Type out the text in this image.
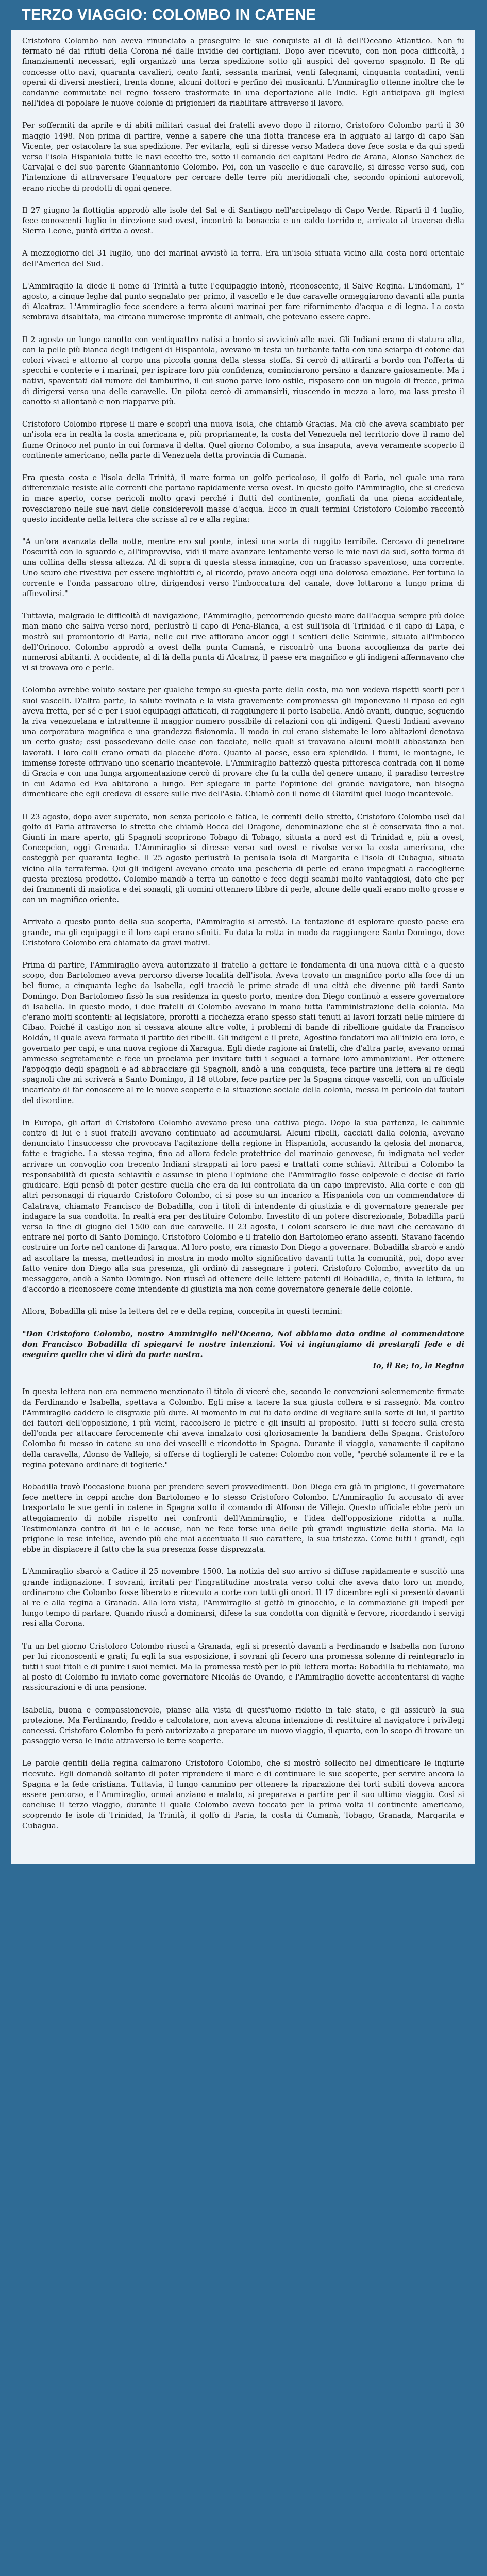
TERZO VIAGGIO: COLOMBO IN CATENE

Cristoforo Colombo non aveva rinunciato a proseguire le sue conquiste al di là dell'Oceano Atlantico. Non fu fermato né dai rifiuti della Corona né dalle invidie dei cortigiani. Dopo aver ricevuto, con non poca difficoltà, i finanziamenti necessari, egli organizzò una terza spedizione sotto gli auspici del governo spagnolo. Il Re gli concesse otto navi, quaranta cavalieri, cento fanti, sessanta marinai, venti falegnami, cinquanta contadini, venti operai di diversi mestieri, trenta donne, alcuni dottori e perfino dei musicanti. L'Ammiraglio ottenne inoltre che le condanne commutate nel regno fossero trasformate in una deportazione alle Indie. Egli anticipava gli inglesi nell'idea di popolare le nuove colonie di prigionieri da riabilitare attraverso il lavoro.

Per soffermiti da aprile e di abiti militari casual dei fratelli avevo dopo il ritorno, Cristoforo Colombo partì il 30 maggio 1498. Non prima di partire, venne a sapere che una flotta francese era in agguato al largo di capo San Vicente, per ostacolare la sua spedizione. Per evitarla, egli si diresse verso Madera dove fece sosta e da qui spedì verso l'isola Hispaniola tutte le navi eccetto tre, sotto il comando dei capitani Pedro de Arana, Alonso Sanchez de Carvajal e del suo parente Giannantonio Colombo. Poi, con un vascello e due caravelle, si diresse verso sud, con l'intenzione di attraversare l'equatore per cercare delle terre più meridionali che, secondo opinioni autorevoli, erano ricche di prodotti di ogni genere.

Il 27 giugno la flottiglia approdò alle isole del Sal e di Santiago nell'arcipelago di Capo Verde. Ripartì il 4 luglio, fece conoscenti luglio in direzione sud ovest, incontrò la bonaccia e un caldo torrido e, arrivato al traverso della Sierra Leone, puntò dritto a ovest.

A mezzogiorno del 31 luglio, uno dei marinai avvistò la terra. Era un'isola situata vicino alla costa nord orientale dell'America del Sud.

L'Ammiraglio la diede il nome di Trinità a tutte l'equipaggio intonò, riconoscente, il Salve Regina. L'indomani, 1° agosto, a cinque leghe dal punto segnalato per primo, il vascello e le due caravelle ormeggiarono davanti alla punta di Alcatraz. L'Ammiraglio fece scendere a terra alcuni marinai per fare rifornimento d'acqua e di legna. La costa sembrava disabitata, ma circano numerose impronte di animali, che potevano essere capre.

Il 2 agosto un lungo canotto con ventiquattro natisi a bordo si avvicinò alle navi. Gli Indiani erano di statura alta, con la pelle più bianca degli indigeni di Hispaniola, avevano in testa un turbante fatto con una sciarpa di cotone dai colori vivaci e attorno al corpo una piccola gonna della stessa stoffa. Si cercò di attirarli a bordo con l'offerta di specchi e conterie e i marinai, per ispirare loro più confidenza, cominciarono persino a danzare gaiosamente. Ma i nativi, spaventati dal rumore del tamburino, il cui suono parve loro ostile, risposero con un nugolo di frecce, prima di dirigersi verso una delle caravelle. Un pilota cercò di ammansirli, riuscendo in mezzo a loro, ma lass presto il canotto si allontanò e non riapparve più.

Cristoforo Colombo riprese il mare e scoprì una nuova isola, che chiamò Gracias. Ma ciò che aveva scambiato per un'isola era in realtà la costa americana e, più propriamente, la costa del Venezuela nel territorio dove il ramo del fiume Orinoco nel punto in cui formava il delta. Quel giorno Colombo, a sua insaputa, aveva veramente scoperto il continente americano, nella parte di Venezuela detta provincia di Cumanà.

Fra questa costa e l'isola della Trinità, il mare forma un golfo pericoloso, il golfo di Paria, nel quale una rara differenziale resiste alle correnti che portano rapidamente verso ovest. In questo golfo l'Ammiraglio, che si credeva in mare aperto, corse pericoli molto gravi perché i flutti del continente, gonfiati da una piena accidentale, rovesciarono nelle sue navi delle considerevoli masse d'acqua. Ecco in quali termini Cristoforo Colombo raccontò questo incidente nella lettera che scrisse al re e alla regina:

"A un'ora avanzata della notte, mentre ero sul ponte, intesi una sorta di ruggito terribile. Cercavo di penetrare l'oscurità con lo sguardo e, all'improvviso, vidi il mare avanzare lentamente verso le mie navi da sud, sotto forma di una collina della stessa altezza. Al di sopra di questa stessa inmagine, con un fracasso spaventoso, una corrente. Uno scuro che rivestiva per essere inghiottiti e, al ricordo, provo ancora oggi una dolorosa emozione. Per fortuna la corrente e l'onda passarono oltre, dirigendosi verso l'imboccatura del canale, dove lottarono a lungo prima di affievolirsi."

Tuttavia, malgrado le difficoltà di navigazione, l'Ammiraglio, percorrendo questo mare dall'acqua sempre più dolce man mano che saliva verso nord, perlustrò il capo di Pena-Blanca, a est sull'isola di Trinidad e il capo di Lapa, e mostrò sul promontorio di Paria, nelle cui rive affiorano ancor oggi i sentieri delle Scimmie, situato all'imbocco dell'Orinoco. Colombo approdò a ovest della punta Cumanà, e riscontrò una buona accoglienza da parte dei numerosi abitanti. A occidente, al di là della punta di Alcatraz, il paese era magnifico e gli indigeni affermavano che vi si trovava oro e perle.

Colombo avrebbe voluto sostare per qualche tempo su questa parte della costa, ma non vedeva rispetti scorti per i suoi vascelli. D'altra parte, la salute rovinata e la vista gravemente compromessa gli imponevano il riposo ed egli aveva fretta, per sé e per i suoi equipaggi affaticati, di raggiungere il porto Isabella. Andò avanti, dunque, seguendo la riva venezuelana e intrattenne il maggior numero possibile di relazioni con gli indigeni. Questi Indiani avevano una corporatura magnifica e una grandezza fisionomia. Il modo in cui erano sistemate le loro abitazioni denotava un certo gusto; essi possedevano delle case con facciate, nelle quali si trovavano alcuni mobili abbastanza ben lavorati. I loro colli erano ornati da placche d'oro. Quanto al paese, esso era splendido. I fiumi, le montagne, le immense foreste offrivano uno scenario incantevole. L'Ammiraglio battezzò questa pittoresca contrada con il nome di Gracia e con una lunga argomentazione cercò di provare che fu la culla del genere umano, il paradiso terrestre in cui Adamo ed Eva abitarono a lungo. Per spiegare in parte l'opinione del grande navigatore, non bisogna dimenticare che egli credeva di essere sulle rive dell'Asia. Chiamò con il nome di Giardini quel luogo incantevole.

Il 23 agosto, dopo aver superato, non senza pericolo e fatica, le correnti dello stretto, Cristoforo Colombo uscì dal golfo di Paria attraverso lo stretto che chiamò Bocca del Dragone, denominazione che si è conservata fino a noi. Giunti in mare aperto, gli Spagnoli scoprirono Tobago di Tobago, situata a nord est di Trinidad e, più a ovest, Concepcion, oggi Grenada. L'Ammiraglio si diresse verso sud ovest e rivolse verso la costa americana, che costeggiò per quaranta leghe. Il 25 agosto perlustrò la penisola isola di Margarita e l'isola di Cubagua, situata vicino alla terraferma. Qui gli indigeni avevano creato una pescheria di perle ed erano impegnati a raccoglierne questa preziosa prodotto. Colombo mandò a terra un canotto e fece degli scambi molto vantaggiosi, dato che per dei frammenti di maiolica e dei sonagli, gli uomini ottennero libbre di perle, alcune delle quali erano molto grosse e con un magnifico oriente.

Arrivato a questo punto della sua scoperta, l'Ammiraglio si arrestò. La tentazione di esplorare questo paese era grande, ma gli equipaggi e il loro capi erano sfiniti. Fu data la rotta in modo da raggiungere Santo Domingo, dove Cristoforo Colombo era chiamato da gravi motivi.

Prima di partire, l'Ammiraglio aveva autorizzato il fratello a gettare le fondamenta di una nuova città e a questo scopo, don Bartolomeo aveva percorso diverse località dell'isola. Aveva trovato un magnifico porto alla foce di un bel fiume, a cinquanta leghe da Isabella, egli tracciò le prime strade di una città che divenne più tardi Santo Domingo. Don Bartolomeo fissò la sua residenza in questo porto, mentre don Diego continuò a essere governatore di Isabella. In questo modo, i due fratelli di Colombo avevano in mano tutta l'amministrazione della colonia. Ma c'erano molti scontenti: al legislatore, prorotti a ricchezza erano spesso stati tenuti ai lavori forzati nelle miniere di Cibao. Poiché il castigo non si cessava alcune altre volte, i problemi di bande di ribellione guidate da Francisco Roldán, il quale aveva formato il partito dei ribelli. Gli indigeni e il prete, Agostino fondatori ma all'inizio era loro, e governato per capi, e una nuova regione di Xaragua. Egli diede ragione ai fratelli, che d'altra parte, avevano ormai ammesso segretamente e fece un proclama per invitare tutti i seguaci a tornare loro ammonizioni. Per ottenere l'appoggio degli spagnoli e ad abbracciare gli Spagnoli, andò a una conquista, fece partire una lettera al re degli spagnoli che mi scriverà a Santo Domingo, il 18 ottobre, fece partire per la Spagna cinque vascelli, con un ufficiale incaricato di far conoscere al re le nuove scoperte e la situazione sociale della colonia, messa in pericolo dai fautori del disordine.

In Europa, gli affari di Cristoforo Colombo avevano preso una cattiva piega. Dopo la sua partenza, le calunnie contro di lui e i suoi fratelli avevano continuato ad accumularsi. Alcuni ribelli, cacciati dalla colonia, avevano denunciato l'insuccesso che provocava l'agitazione della regione in Hispaniola, accusando la gelosia del monarca, fatte e tragiche. La stessa regina, fino ad allora fedele protettrice del marinaio genovese, fu indignata nel veder arrivare un convoglio con trecento Indiani strappati ai loro paesi e trattati come schiavi. Attribuì a Colombo la responsabilità di questa schiavitù e assunse in pieno l'opinione che l'Ammiraglio fosse colpevole e decise di farlo giudicare. Egli pensò di poter gestire quella che era da lui controllata da un capo imprevisto. Alla corte e con gli altri personaggi di riguardo Cristoforo Colombo, ci si pose su un incarico a Hispaniola con un commendatore di Calatrava, chiamato Francisco de Bobadilla, con i titoli di intendente di giustizia e di governatore generale per indagare la sua condotta. In realtà era per destituire Colombo. Investito di un potere discrezionale, Bobadilla partì verso la fine di giugno del 1500 con due caravelle. Il 23 agosto, i coloni scorsero le due navi che cercavano di entrare nel porto di Santo Domingo. Cristoforo Colombo e il fratello don Bartolomeo erano assenti. Stavano facendo costruire un forte nel cantone di Jaragua. Al loro posto, era rimasto Don Diego a governare. Bobadilla sbarcò e andò ad ascoltare la messa, mettendosi in mostra in modo molto significativo davanti tutta la comunità, poi, dopo aver fatto venire don Diego alla sua presenza, gli ordinò di rassegnare i poteri. Cristoforo Colombo, avvertito da un messaggero, andò a Santo Domingo. Non riuscì ad ottenere delle lettere patenti di Bobadilla, e, finita la lettura, fu d'accordo a riconoscere come intendente di giustizia ma non come governatore generale delle colonie.

Allora, Bobadilla gli mise la lettera del re e della regina, concepita in questi termini:

"Don Cristoforo Colombo, nostro Ammiraglio nell'Oceano, Noi abbiamo dato ordine al commendatore don Francisco Bobadilla di spiegarvi le nostre intenzioni. Voi vi ingiungiamo di prestargli fede e di eseguire quello che vi dirà da parte nostra.
Io, il Re; Io, la Regina

In questa lettera non era nemmeno menzionato il titolo di viceré che, secondo le convenzioni solennemente firmate da Ferdinando e Isabella, spettava a Colombo. Egli mise a tacere la sua giusta collera e si rassegnò. Ma contro l'Ammiraglio caddero le disgrazie più dure. Al momento in cui fu dato ordine di vegliare sulla sorte di lui, il partito dei fautori dell'opposizione, i più vicini, raccolsero le pietre e gli insulti al proposito. Tutti si fecero sulla cresta dell'onda per attaccare ferocemente chi aveva innalzato così gloriosamente la bandiera della Spagna. Cristoforo Colombo fu messo in catene su uno dei vascelli e ricondotto in Spagna. Durante il viaggio, vanamente il capitano della caravella, Alonso de Vallejo, si offerse di togliergli le catene: Colombo non volle, "perché solamente il re e la regina potevano ordinare di toglierle."

Bobadilla trovò l'occasione buona per prendere severi provvedimenti. Don Diego era già in prigione, il governatore fece mettere in ceppi anche don Bartolomeo e lo stesso Cristoforo Colombo. L'Ammiraglio fu accusato di aver trasportato le sue genti in catene in Spagna sotto il comando di Alfonso de Villejo. Questo ufficiale ebbe però un atteggiamento di nobile rispetto nei confronti dell'Ammiraglio, e l'idea dell'opposizione ridotta a nulla. Testimonianza contro di lui e le accuse, non ne fece forse una delle più grandi ingiustizie della storia. Ma la prigione lo rese infelice, avendo più che mai accentuato il suo carattere, la sua tristezza. Come tutti i grandi, egli ebbe in dispiacere il fatto che la sua presenza fosse disprezzata.

L'Ammiraglio sbarcò a Cadice il 25 novembre 1500. La notizia del suo arrivo si diffuse rapidamente e suscitò una grande indignazione. I sovrani, irritati per l'ingratitudine mostrata verso colui che aveva dato loro un mondo, ordinarono che Colombo fosse liberato e ricevuto a corte con tutti gli onori. Il 17 dicembre egli si presentò davanti al re e alla regina a Granada. Alla loro vista, l'Ammiraglio si gettò in ginocchio, e la commozione gli impedì per lungo tempo di parlare. Quando riuscì a dominarsi, difese la sua condotta con dignità e fervore, ricordando i servigi resi alla Corona.

Tu un bel giorno Cristoforo Colombo riuscì a Granada, egli si presentò davanti a Ferdinando e Isabella non furono per lui riconoscenti e grati; fu egli la sua esposizione, i sovrani gli fecero una promessa solenne di reintegrarlo in tutti i suoi titoli e di punire i suoi nemici. Ma la promessa restò per lo più lettera morta: Bobadilla fu richiamato, ma al posto di Colombo fu inviato come governatore Nicolás de Ovando, e l'Ammiraglio dovette accontentarsi di vaghe rassicurazioni e di una pensione.

Isabella, buona e compassionevole, pianse alla vista di quest'uomo ridotto in tale stato, e gli assicurò la sua protezione. Ma Ferdinando, freddo e calcolatore, non aveva alcuna intenzione di restituire al navigatore i privilegi concessi. Cristoforo Colombo fu però autorizzato a preparare un nuovo viaggio, il quarto, con lo scopo di trovare un passaggio verso le Indie attraverso le terre scoperte.

Le parole gentili della regina calmarono Cristoforo Colombo, che si mostrò sollecito nel dimenticare le ingiurie ricevute. Egli domandò soltanto di poter riprendere il mare e di continuare le sue scoperte, per servire ancora la Spagna e la fede cristiana. Tuttavia, il lungo cammino per ottenere la riparazione dei torti subiti doveva ancora essere percorso, e l'Ammiraglio, ormai anziano e malato, si preparava a partire per il suo ultimo viaggio. Così si concluse il terzo viaggio, durante il quale Colombo aveva toccato per la prima volta il continente americano, scoprendo le isole di Trinidad, la Trinità, il golfo di Paria, la costa di Cumanà, Tobago, Granada, Margarita e Cubagua.
